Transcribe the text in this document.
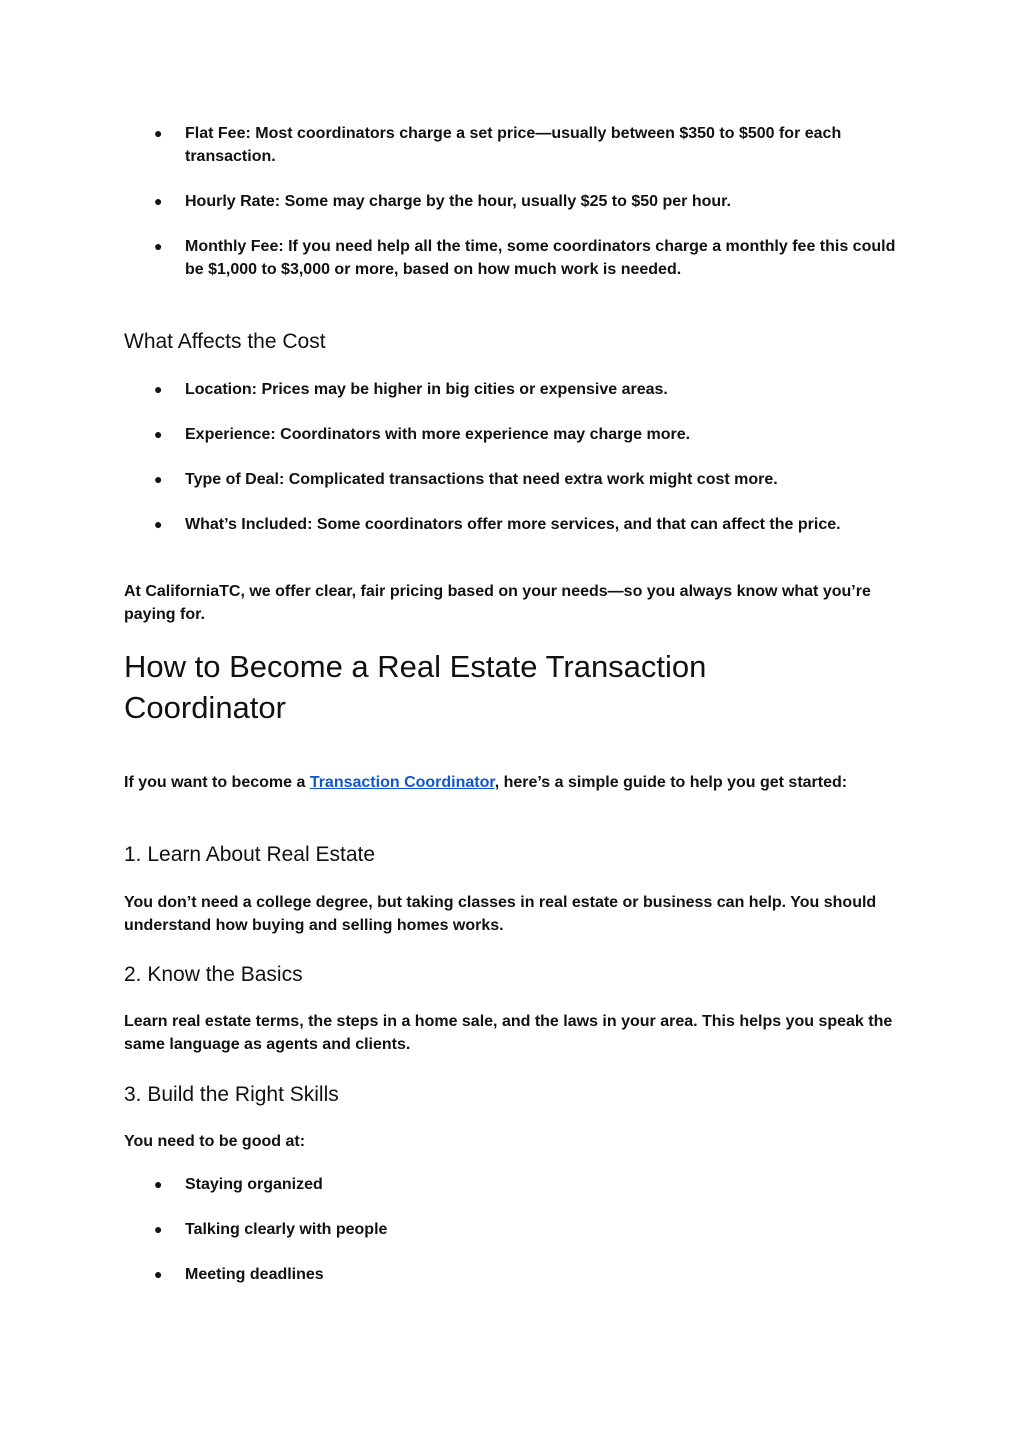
● Flat Fee: Most coordinators charge a set price—usually between $350 to $500 for each transaction.
● Hourly Rate: Some may charge by the hour, usually $25 to $50 per hour.
● Monthly Fee: If you need help all the time, some coordinators charge a monthly fee this could be $1,000 to $3,000 or more, based on how much work is needed.
What Affects the Cost
● Location: Prices may be higher in big cities or expensive areas.
● Experience: Coordinators with more experience may charge more.
● Type of Deal: Complicated transactions that need extra work might cost more.
● What’s Included: Some coordinators offer more services, and that can affect the price.

At CaliforniaTC, we offer clear, fair pricing based on your needs—so you always know what you’re paying for.

How to Become a Real Estate Transaction Coordinator

If you want to become a Transaction Coordinator, here’s a simple guide to help you get started:

1. Learn About Real Estate

You don’t need a college degree, but taking classes in real estate or business can help. You should understand how buying and selling homes works.

2. Know the Basics

Learn real estate terms, the steps in a home sale, and the laws in your area. This helps you speak the same language as agents and clients.

3. Build the Right Skills

You need to be good at:

● Staying organized
● Talking clearly with people
● Meeting deadlines
